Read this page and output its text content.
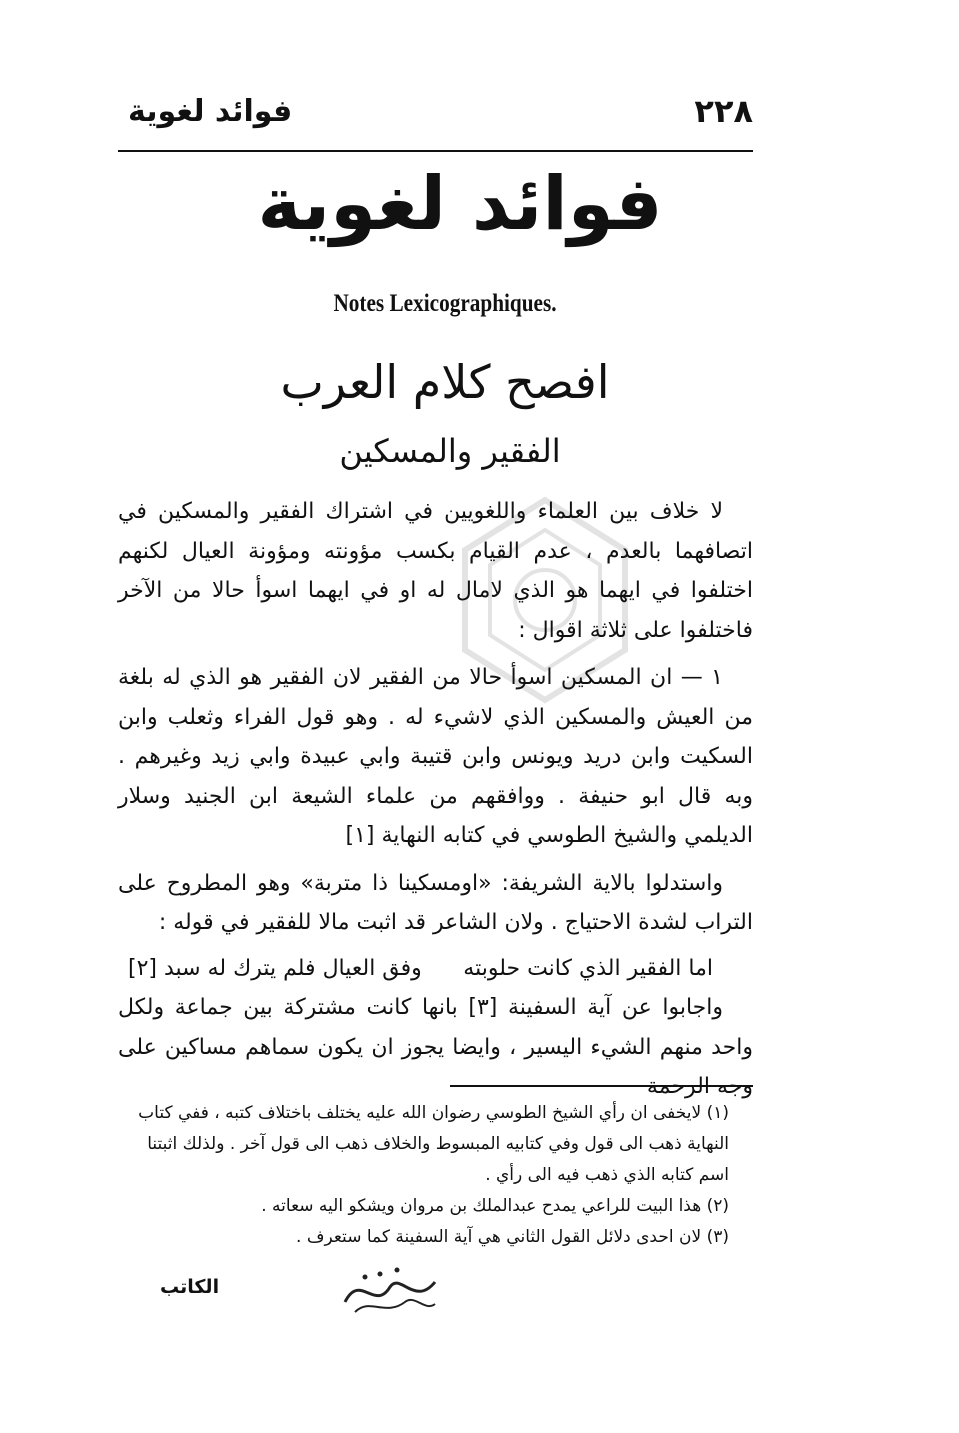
٢٢٨
فوائد لغوية
فوائد لغوية
Notes Lexicographiques.
افصح كلام العرب
الفقير والمسكين

لا خلاف بين العلماء واللغويين في اشتراك الفقير والمسكين في اتصافهما بالعدم ، عدم القيام بكسب مؤونته ومؤونة العيال لكنهم اختلفوا في ايهما هو الذي لامال له او في ايهما اسوأ حالا من الآخر فاختلفوا على ثلاثة اقوال :

١ — ان المسكين اسوأ حالا من الفقير لان الفقير هو الذي له بلغة من العيش والمسكين الذي لاشيء له . وهو قول الفراء وثعلب وابن السكيت وابن دريد ويونس وابن قتيبة وابي عبيدة وابي زيد وغيرهم . وبه قال ابو حنيفة . ووافقهم من علماء الشيعة ابن الجنيد وسلار الديلمي والشيخ الطوسي في كتابه النهاية [١]

واستدلوا بالاية الشريفة: «اومسكينا ذا متربة» وهو المطروح على التراب لشدة الاحتياج . ولان الشاعر قد اثبت مالا للفقير في قوله :

اما الفقير الذي كانت حلوبته
وفق العيال فلم يترك له سبد [٢]

واجابوا عن آية السفينة [٣] بانها كانت مشتركة بين جماعة ولكل واحد منهم الشيء اليسير ، وايضا يجوز ان يكون سماهم مساكين على وجه الرحمة

(١) لايخفى ان رأي الشيخ الطوسي رضوان الله عليه يختلف باختلاف كتبه ، ففي كتاب النهاية ذهب الى قول وفي كتابيه المبسوط والخلاف ذهب الى قول آخر . ولذلك اثبتنا اسم كتابه الذي ذهب فيه الى رأي .

(٢) هذا البيت للراعي يمدح عبدالملك بن مروان ويشكو اليه سعاته .

(٣) لان احدى دلائل القول الثاني هي آية السفينة كما ستعرف .

الكاتب
